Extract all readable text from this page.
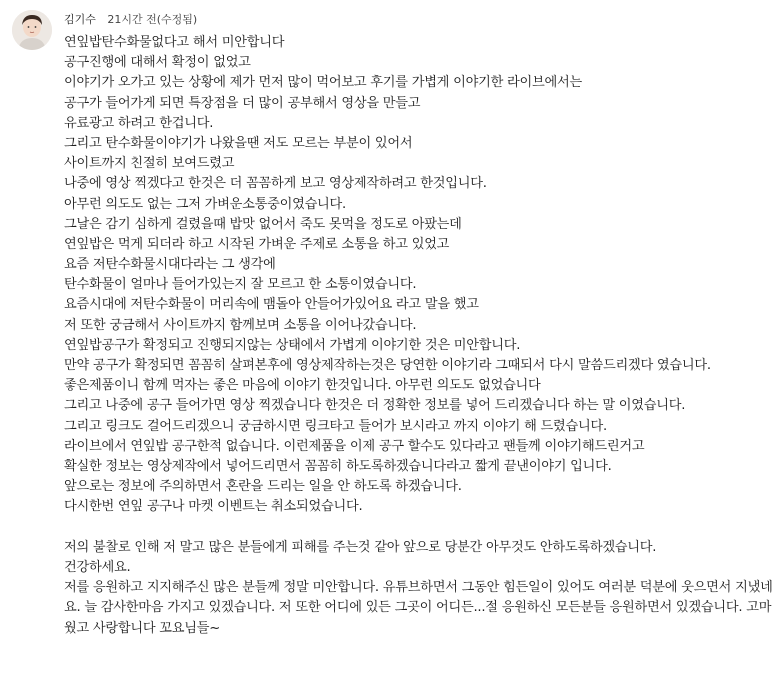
김기수 21시간 전(수정됨)
연잎밥탄수화물없다고 해서 미안합니다
공구진행에 대해서 확정이 없었고
이야기가 오가고 있는 상황에 제가 먼저 많이 먹어보고 후기를 가볍게 이야기한 라이브에서는
공구가 들어가게 되면 특장점을 더 많이 공부해서 영상을 만들고
유료광고 하려고 한겁니다.
그리고 탄수화물이야기가 나왔을땐 저도 모르는 부분이 있어서
사이트까지 친절히 보여드렸고
나중에 영상 찍겠다고 한것은 더 꼼꼼하게 보고 영상제작하려고 한것입니다.
아무런 의도도 없는 그저 가벼운소통중이였습니다.
그날은 감기 심하게 걸렸을때 밥맛 없어서 죽도 못먹을 정도로 아팠는데
연잎밥은 먹게 되더라 하고 시작된 가벼운 주제로 소통을 하고 있었고
요즘 저탄수화물시대다라는 그 생각에
탄수화물이 얼마나 들어가있는지 잘 모르고 한 소통이였습니다.
요즘시대에 저탄수화물이 머리속에 맴돌아 안들어가있어요 라고 말을 했고
저 또한 궁금해서 사이트까지 함께보며 소통을 이어나갔습니다.
연잎밥공구가 확정되고 진행되지않는 상태에서 가볍게 이야기한 것은 미안합니다.
만약 공구가 확정되면 꼼꼼히 살펴본후에 영상제작하는것은 당연한 이야기라 그때되서 다시 말씀드리겠다 였습니다.
좋은제품이니 함께 먹자는 좋은 마음에 이야기 한것입니다. 아무런 의도도 없었습니다
그리고 나중에 공구 들어가면 영상 찍겠습니다 한것은 더 정확한 정보를 넣어 드리겠습니다 하는 말 이였습니다.
그리고 링크도 걸어드리겠으니 궁금하시면 링크타고 들어가 보시라고 까지 이야기 해 드렸습니다.
라이브에서 연잎밥 공구한적 없습니다. 이런제품을 이제 공구 할수도 있다라고 팬들께 이야기해드린거고
확실한 정보는 영상제작에서 넣어드리면서 꼼꼼히 하도록하겠습니다라고 짧게 끝낸이야기 입니다.
앞으로는 정보에 주의하면서 혼란을 드리는 일을 안 하도록 하겠습니다.
다시한번 연잎 공구나 마켓 이벤트는 취소되었습니다.
저의 불찰로 인해 저 말고 많은 분들에게 피해를 주는것 같아 앞으로 당분간 아무것도 안하도록하겠습니다.
건강하세요.
저를 응원하고 지지해주신 많은 분들께 정말 미안합니다. 유튜브하면서 그동안 힘든일이 있어도 여러분 덕분에 웃으면서 지냈네요. 늘 감사한마음 가지고 있겠습니다. 저 또한 어디에 있든 그곳이 어디든...절 응원하신 모든분들 응원하면서 있겠습니다. 고마웠고 사랑합니다 꼬요님들~
